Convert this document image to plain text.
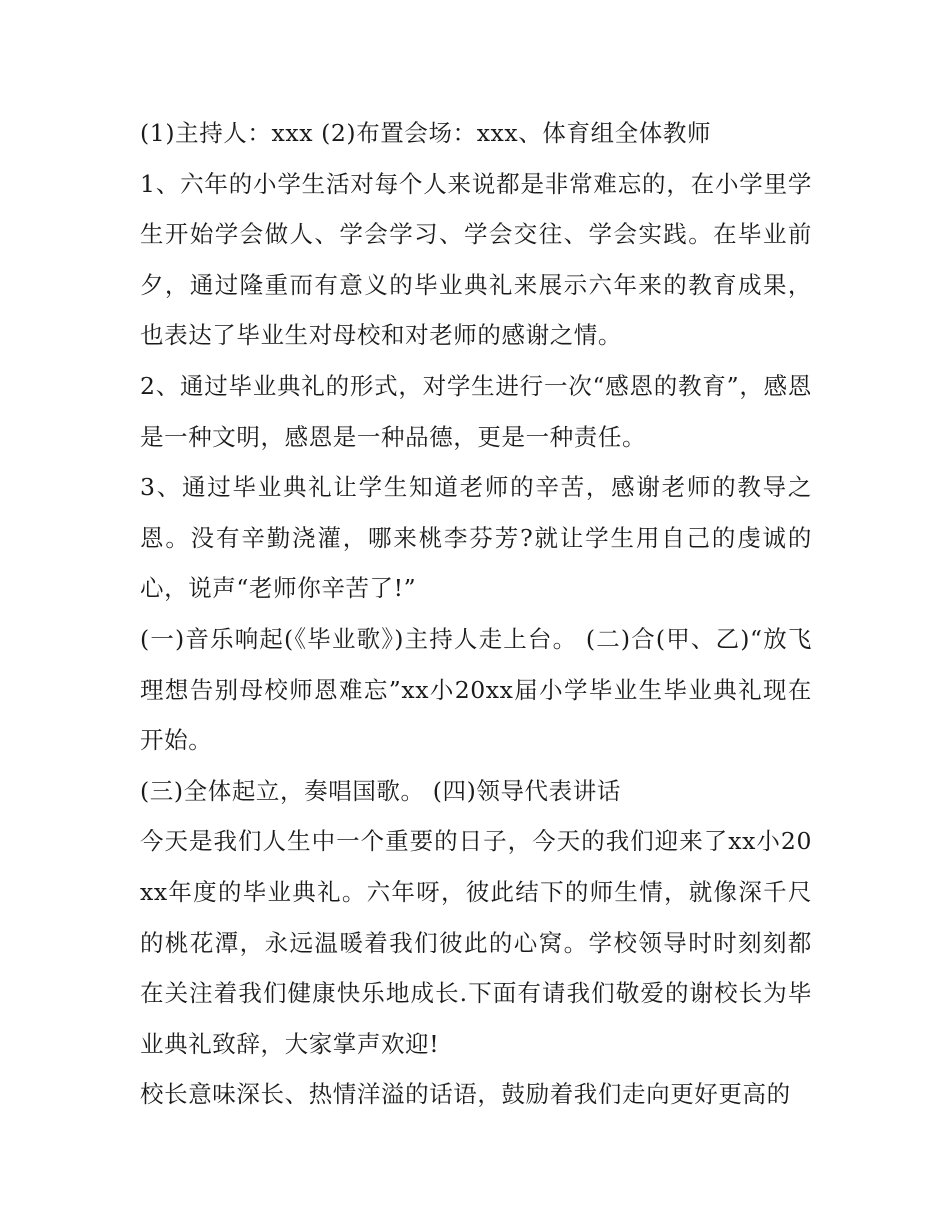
(1)主持人：xxx (2)布置会场：xxx、体育组全体教师

1、六年的小学生活对每个人来说都是非常难忘的，在小学里学生开始学会做人、学会学习、学会交往、学会实践。在毕业前夕，通过隆重而有意义的毕业典礼来展示六年来的教育成果，也表达了毕业生对母校和对老师的感谢之情。

2、通过毕业典礼的形式，对学生进行一次“感恩的教育”，感恩是一种文明，感恩是一种品德，更是一种责任。

3、通过毕业典礼让学生知道老师的辛苦，感谢老师的教导之恩。没有辛勤浇灌，哪来桃李芬芳?就让学生用自己的虔诚的心，说声“老师你辛苦了!”

(一)音乐响起(《毕业歌》)主持人走上台。 (二)合(甲、乙)“放飞理想告别母校师恩难忘”xx小20xx届小学毕业生毕业典礼现在开始。

(三)全体起立，奏唱国歌。 (四)领导代表讲话

今天是我们人生中一个重要的日子，今天的我们迎来了xx小20xx年度的毕业典礼。六年呀，彼此结下的师生情，就像深千尺的桃花潭，永远温暖着我们彼此的心窝。学校领导时时刻刻都在关注着我们健康快乐地成长.下面有请我们敬爱的谢校长为毕业典礼致辞，大家掌声欢迎!

校长意味深长、热情洋溢的话语，鼓励着我们走向更好更高的
